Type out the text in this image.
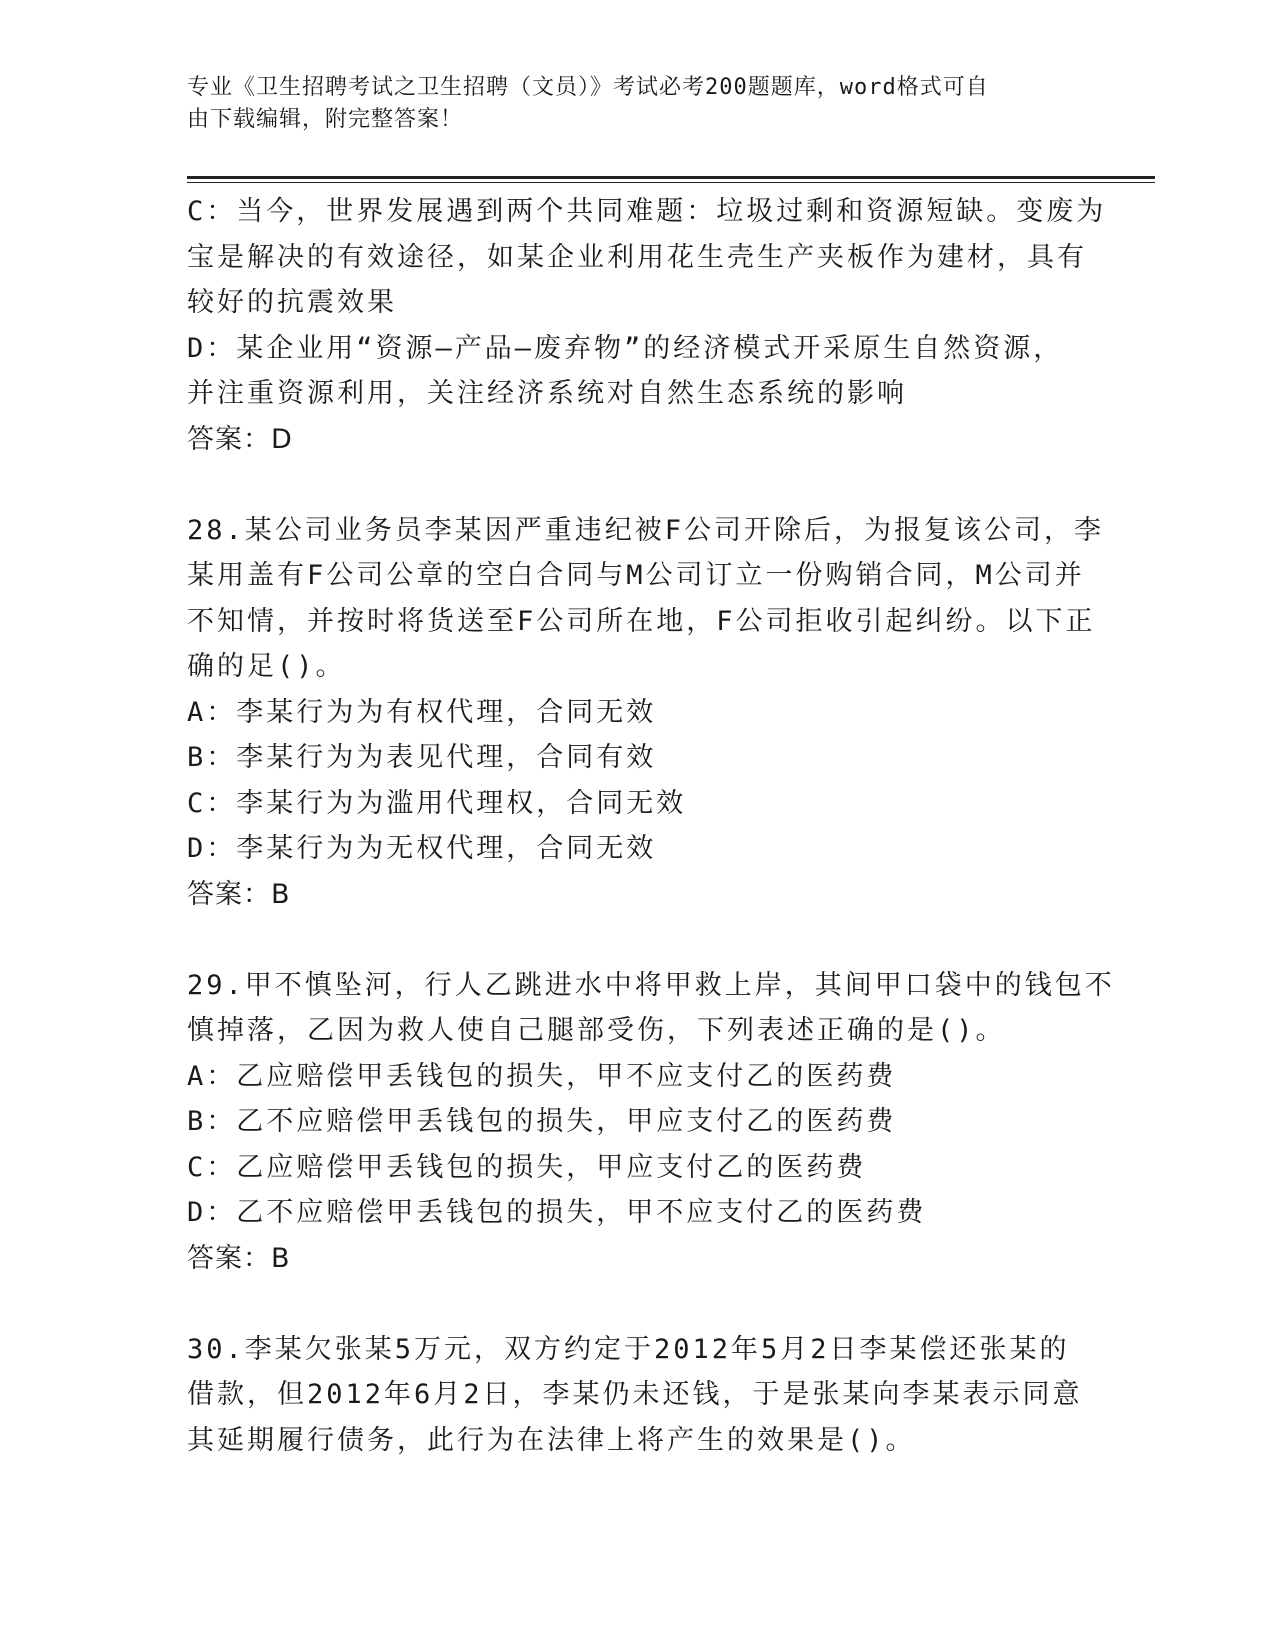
专业《卫生招聘考试之卫生招聘（文员）》考试必考200题题库，word格式可自
由下载编辑，附完整答案！
C：当今，世界发展遇到两个共同难题：垃圾过剩和资源短缺。变废为
宝是解决的有效途径，如某企业利用花生壳生产夹板作为建材，具有
较好的抗震效果
D：某企业用“资源—产品—废弃物”的经济模式开采原生自然资源，
并注重资源利用，关注经济系统对自然生态系统的影响
答案：D
28.某公司业务员李某因严重违纪被F公司开除后，为报复该公司，李
某用盖有F公司公章的空白合同与M公司订立一份购销合同，M公司并
不知情，并按时将货送至F公司所在地，F公司拒收引起纠纷。以下正
确的足()。
A：李某行为为有权代理，合同无效
B：李某行为为表见代理，合同有效
C：李某行为为滥用代理权，合同无效
D：李某行为为无权代理，合同无效
答案：B
29.甲不慎坠河，行人乙跳进水中将甲救上岸，其间甲口袋中的钱包不
慎掉落，乙因为救人使自己腿部受伤，下列表述正确的是()。
A：乙应赔偿甲丢钱包的损失，甲不应支付乙的医药费
B：乙不应赔偿甲丢钱包的损失，甲应支付乙的医药费
C：乙应赔偿甲丢钱包的损失，甲应支付乙的医药费
D：乙不应赔偿甲丢钱包的损失，甲不应支付乙的医药费
答案：B
30.李某欠张某5万元，双方约定于2012年5月2日李某偿还张某的
借款，但2012年6月2日，李某仍未还钱，于是张某向李某表示同意
其延期履行债务，此行为在法律上将产生的效果是()。
